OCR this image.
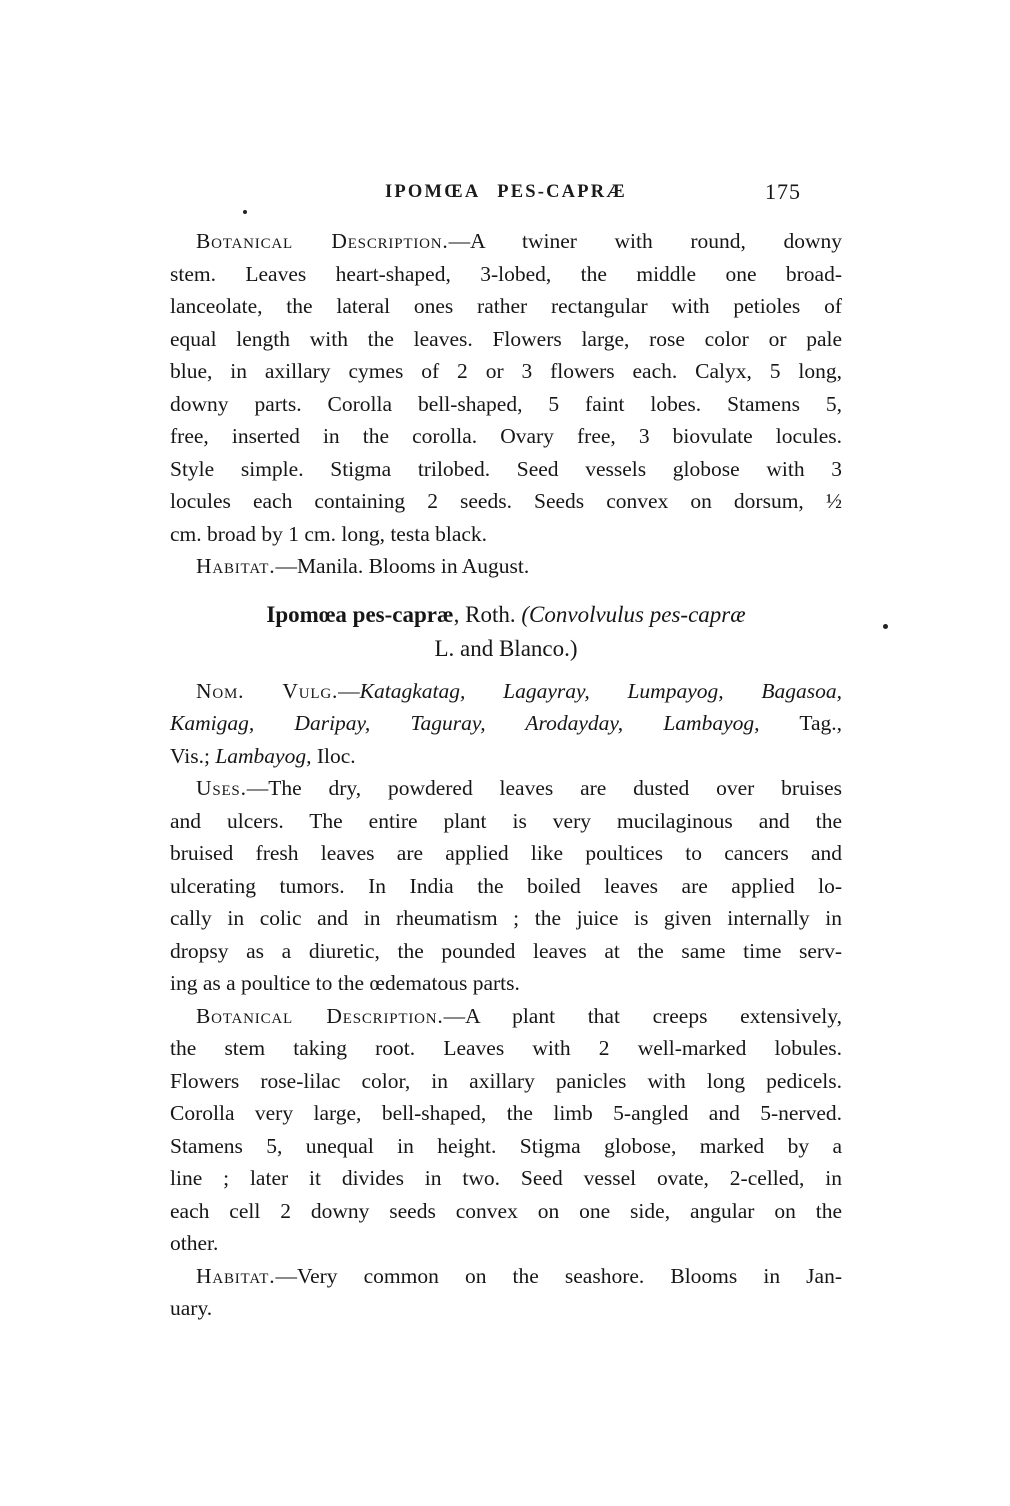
IPOMŒA PES-CAPRÆ	175
Botanical Description.—A twiner with round, downy
stem. Leaves heart-shaped, 3-lobed, the middle one broad-
lanceolate, the lateral ones rather rectangular with petioles of
equal length with the leaves. Flowers large, rose color or pale
blue, in axillary cymes of 2 or 3 flowers each. Calyx, 5 long,
downy parts. Corolla bell-shaped, 5 faint lobes. Stamens 5,
free, inserted in the corolla. Ovary free, 3 biovulate locules.
Style simple. Stigma trilobed. Seed vessels globose with 3
locules each containing 2 seeds. Seeds convex on dorsum, ½
cm. broad by 1 cm. long, testa black.
Habitat.—Manila. Blooms in August.
Ipomœa pes-capræ, Roth. (Convolvulus pes-capræ
L. and Blanco.)
Nom. Vulg.—Katagkatag, Lagayray, Lumpayog, Bagasoa,
Kamigag, Daripay, Taguray, Arodayday, Lambayog, Tag.,
Vis.; Lambayog, Iloc.
Uses.—The dry, powdered leaves are dusted over bruises
and ulcers. The entire plant is very mucilaginous and the
bruised fresh leaves are applied like poultices to cancers and
ulcerating tumors. In India the boiled leaves are applied lo-
cally in colic and in rheumatism ; the juice is given internally in
dropsy as a diuretic, the pounded leaves at the same time serv-
ing as a poultice to the œdematous parts.
Botanical Description.—A plant that creeps extensively,
the stem taking root. Leaves with 2 well-marked lobules.
Flowers rose-lilac color, in axillary panicles with long pedicels.
Corolla very large, bell-shaped, the limb 5-angled and 5-nerved.
Stamens 5, unequal in height. Stigma globose, marked by a
line ; later it divides in two. Seed vessel ovate, 2-celled, in
each cell 2 downy seeds convex on one side, angular on the
other.
Habitat.—Very common on the seashore. Blooms in Jan-
uary.
